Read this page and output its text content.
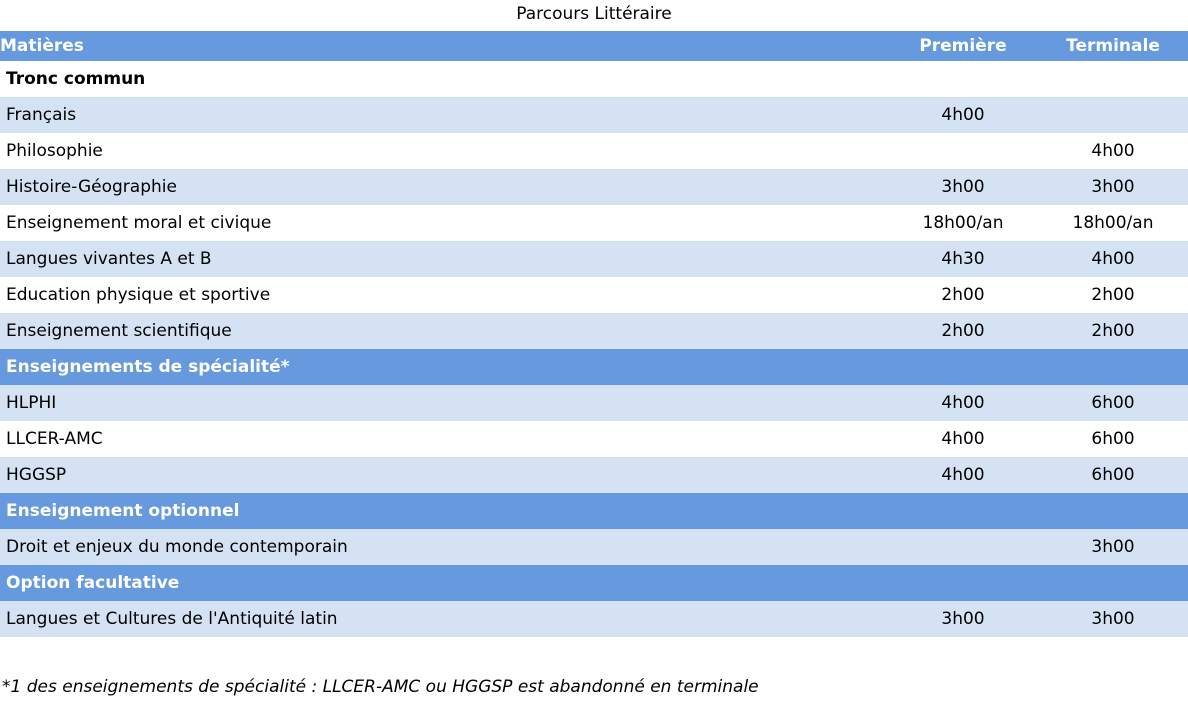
Parcours Littéraire
Matières	Première	Terminale
Tronc commun		
Français	4h00	
Philosophie		4h00
Histoire-Géographie	3h00	3h00
Enseignement moral et civique	18h00/an	18h00/an
Langues vivantes A et B	4h30	4h00
Education physique et sportive	2h00	2h00
Enseignement scientifique	2h00	2h00
Enseignements de spécialité*		
HLPHI	4h00	6h00
LLCER-AMC	4h00	6h00
HGGSP	4h00	6h00
Enseignement optionnel		
Droit et enjeux du monde contemporain		3h00
Option facultative		
Langues et Cultures de l'Antiquité latin	3h00	3h00
*1 des enseignements de spécialité : LLCER-AMC ou HGGSP est abandonné en terminale
